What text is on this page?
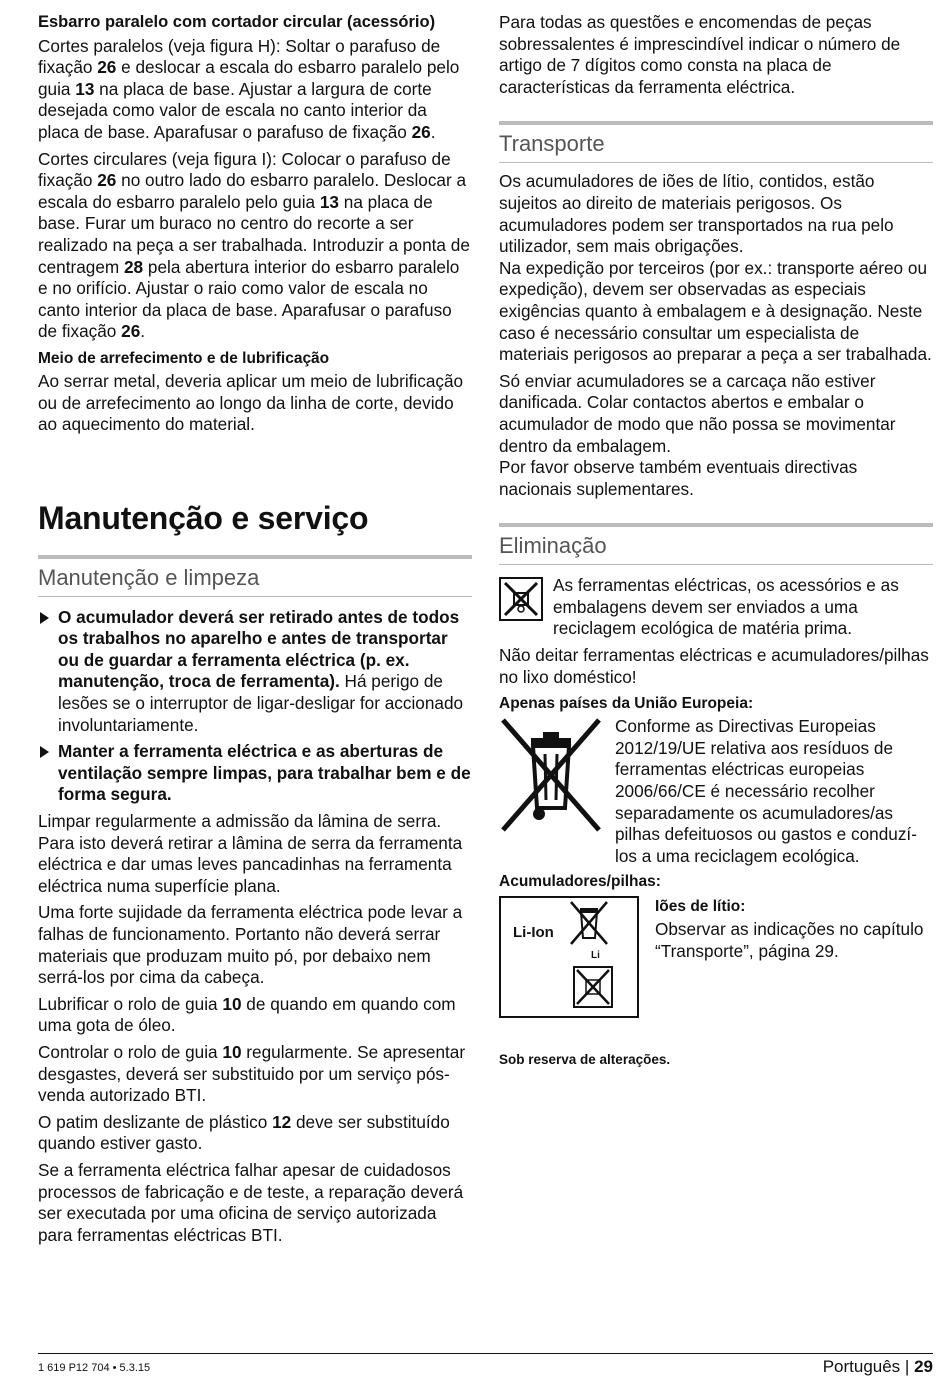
Esbarro paralelo com cortador circular (acessório)

Cortes paralelos (veja figura H): Soltar o parafuso de fixação 26 e deslocar a escala do esbarro paralelo pelo guia 13 na placa de base. Ajustar a largura de corte desejada como valor de escala no canto interior da placa de base. Aparafusar o parafuso de fixação 26.

Cortes circulares (veja figura I): Colocar o parafuso de fixação 26 no outro lado do esbarro paralelo. Deslocar a escala do esbarro paralelo pelo guia 13 na placa de base. Furar um buraco no centro do recorte a ser realizado na peça a ser trabalhada. Introduzir a ponta de centragem 28 pela abertura interior do esbarro paralelo e no orifício. Ajustar o raio como valor de escala no canto interior da placa de base. Aparafusar o parafuso de fixação 26.

Meio de arrefecimento e de lubrificação

Ao serrar metal, deveria aplicar um meio de lubrificação ou de arrefecimento ao longo da linha de corte, devido ao aquecimento do material.

Manutenção e serviço
Manutenção e limpeza
O acumulador deverá ser retirado antes de todos os trabalhos no aparelho e antes de transportar ou de guardar a ferramenta eléctrica (p. ex. manutenção, troca de ferramenta). Há perigo de lesões se o interruptor de ligar-desligar for accionado involuntariamente.
Manter a ferramenta eléctrica e as aberturas de ventilação sempre limpas, para trabalhar bem e de forma segura.

Limpar regularmente a admissão da lâmina de serra. Para isto deverá retirar a lâmina de serra da ferramenta eléctrica e dar umas leves pancadinhas na ferramenta eléctrica numa superfície plana.

Uma forte sujidade da ferramenta eléctrica pode levar a falhas de funcionamento. Portanto não deverá serrar materiais que produzam muito pó, por debaixo nem serrá-los por cima da cabeça.

Lubrificar o rolo de guia 10 de quando em quando com uma gota de óleo.

Controlar o rolo de guia 10 regularmente. Se apresentar desgastes, deverá ser substituido por um serviço pós-venda autorizado BTI.

O patim deslizante de plástico 12 deve ser substituído quando estiver gasto.

Se a ferramenta eléctrica falhar apesar de cuidadosos processos de fabricação e de teste, a reparação deverá ser executada por uma oficina de serviço autorizada para ferramentas eléctricas BTI.

Para todas as questões e encomendas de peças sobressalentes é imprescindível indicar o número de artigo de 7 dígitos como consta na placa de características da ferramenta eléctrica.

Transporte

Os acumuladores de iões de lítio, contidos, estão sujeitos ao direito de materiais perigosos. Os acumuladores podem ser transportados na rua pelo utilizador, sem mais obrigações.

Na expedição por terceiros (por ex.: transporte aéreo ou expedição), devem ser observadas as especiais exigências quanto à embalagem e à designação. Neste caso é necessário consultar um especialista de materiais perigosos ao preparar a peça a ser trabalhada.

Só enviar acumuladores se a carcaça não estiver danificada. Colar contactos abertos e embalar o acumulador de modo que não possa se movimentar dentro da embalagem.

Por favor observe também eventuais directivas nacionais suplementares.

Eliminação

As ferramentas eléctricas, os acessórios e as embalagens devem ser enviados a uma reciclagem ecológica de matéria prima.

Não deitar ferramentas eléctricas e acumuladores/pilhas no lixo doméstico!

Apenas países da União Europeia:

Conforme as Directivas Europeias 2012/19/UE relativa aos resíduos de ferramentas eléctricas europeias 2006/66/CE é necessário recolher separadamente os acumuladores/as pilhas defeituosos ou gastos e conduzí-los a uma reciclagem ecológica.

Acumuladores/pilhas:
Li-Ion
Li
Iões de lítio:

Observar as indicações no capítulo “Transporte”, página 29.

Sob reserva de alterações.
1 619 P12 704 • 5.3.15	Português | 29
